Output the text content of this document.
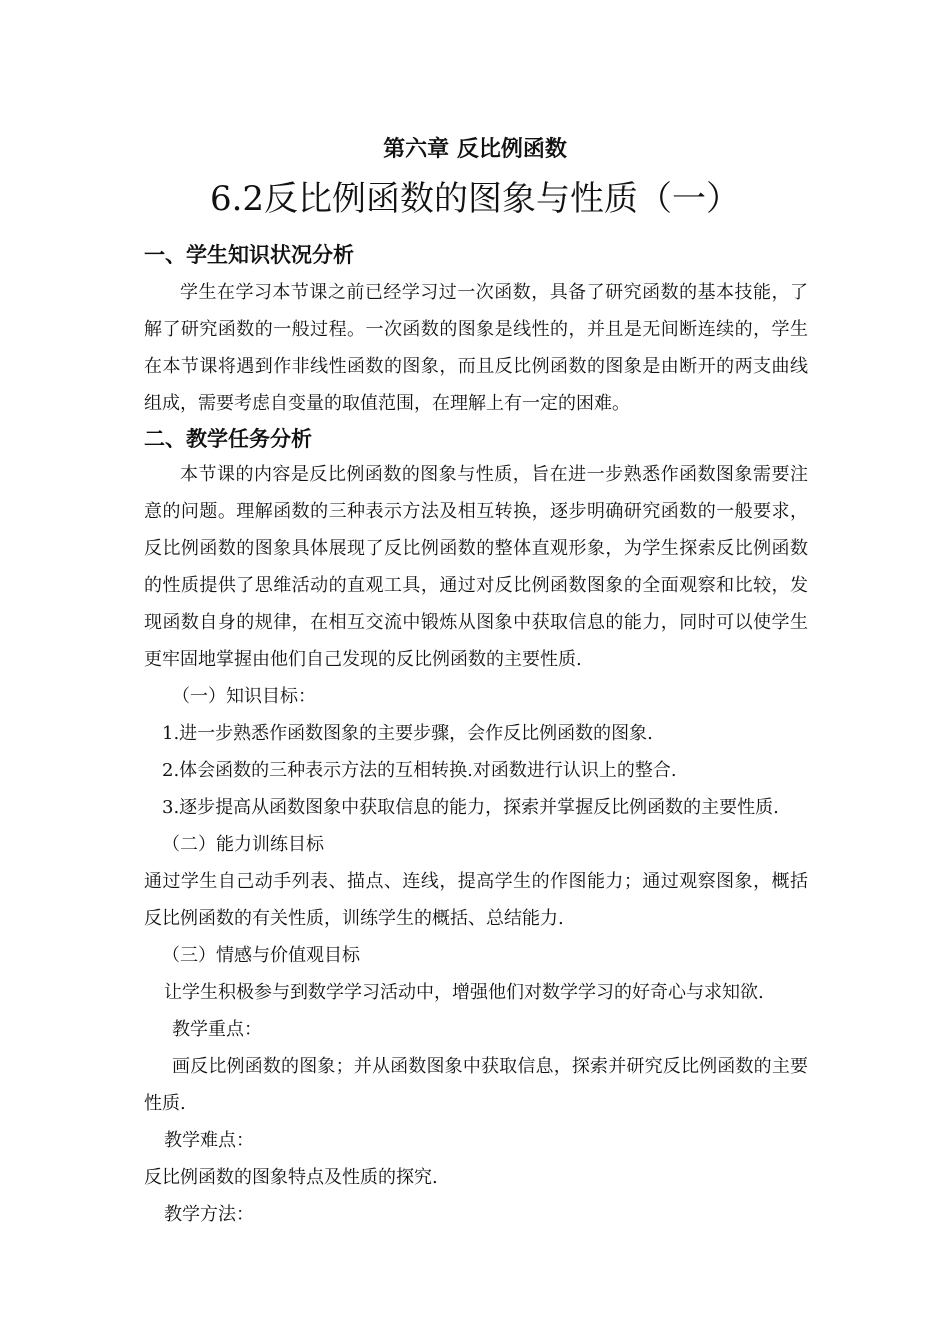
第六章 反比例函数
6.2反比例函数的图象与性质（一）

一、学生知识状况分析

学生在学习本节课之前已经学习过一次函数，具备了研究函数的基本技能，了解了研究函数的一般过程。一次函数的图象是线性的，并且是无间断连续的，学生在本节课将遇到作非线性函数的图象，而且反比例函数的图象是由断开的两支曲线组成，需要考虑自变量的取值范围，在理解上有一定的困难。

二、教学任务分析

本节课的内容是反比例函数的图象与性质，旨在进一步熟悉作函数图象需要注意的问题。理解函数的三种表示方法及相互转换，逐步明确研究函数的一般要求，反比例函数的图象具体展现了反比例函数的整体直观形象，为学生探索反比例函数的性质提供了思维活动的直观工具，通过对反比例函数图象的全面观察和比较，发现函数自身的规律，在相互交流中锻炼从图象中获取信息的能力，同时可以使学生更牢固地掌握由他们自己发现的反比例函数的主要性质.

（一）知识目标：

1.进一步熟悉作函数图象的主要步骤，会作反比例函数的图象.

2.体会函数的三种表示方法的互相转换.对函数进行认识上的整合.

3.逐步提高从函数图象中获取信息的能力，探索并掌握反比例函数的主要性质.

（二）能力训练目标

通过学生自己动手列表、描点、连线，提高学生的作图能力；通过观察图象，概括反比例函数的有关性质，训练学生的概括、总结能力.

（三）情感与价值观目标

让学生积极参与到数学学习活动中，增强他们对数学学习的好奇心与求知欲.

教学重点：

画反比例函数的图象；并从函数图象中获取信息，探索并研究反比例函数的主要性质.

教学难点：

反比例函数的图象特点及性质的探究.

教学方法：
